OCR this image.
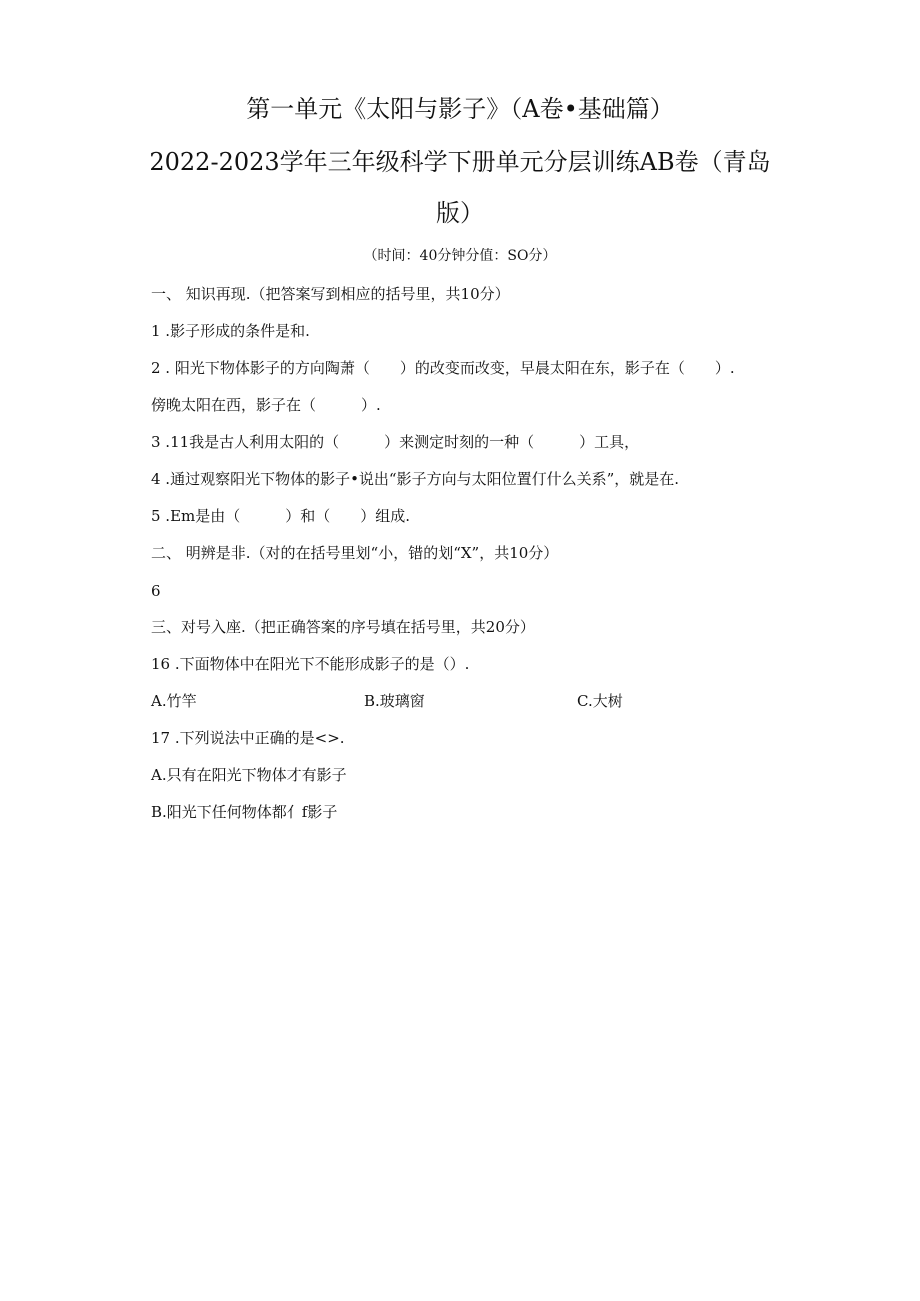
第一单元《太阳与影子》（A卷•基础篇）
2022-2023学年三年级科学下册单元分层训练AB卷（青岛
版）
（时间：40分钟分值：SO分）
一、 知识再现.（把答案写到相应的括号里，共10分）
1 .影子形成的条件是和.
2 . 阳光下物体影子的方向陶萧（　　）的改变而改变，早晨太阳在东，影子在（　　）.
傍晚太阳在西，影子在（　　　）.
3 .11我是古人利用太阳的（　　　）来测定时刻的一种（　　　）工具，
4 .通过观察阳光下物体的影子•说出“影子方向与太阳位置仃什么关系”，就是在.
5 .Em是由（　　　）和（　　）组成.
二、 明辨是非.（对的在括号里划“小，错的划“X”，共10分）
6
三、对号入座.（把正确答案的序号填在括号里，共20分）
16 .下面物体中在阳光下不能形成影子的是（）.
A.竹竿	B.玻璃窗	C.大树
17 .下列说法中正确的是<>.
A.只有在阳光下物体才有影子
B.阳光下任何物体都亻f影子
